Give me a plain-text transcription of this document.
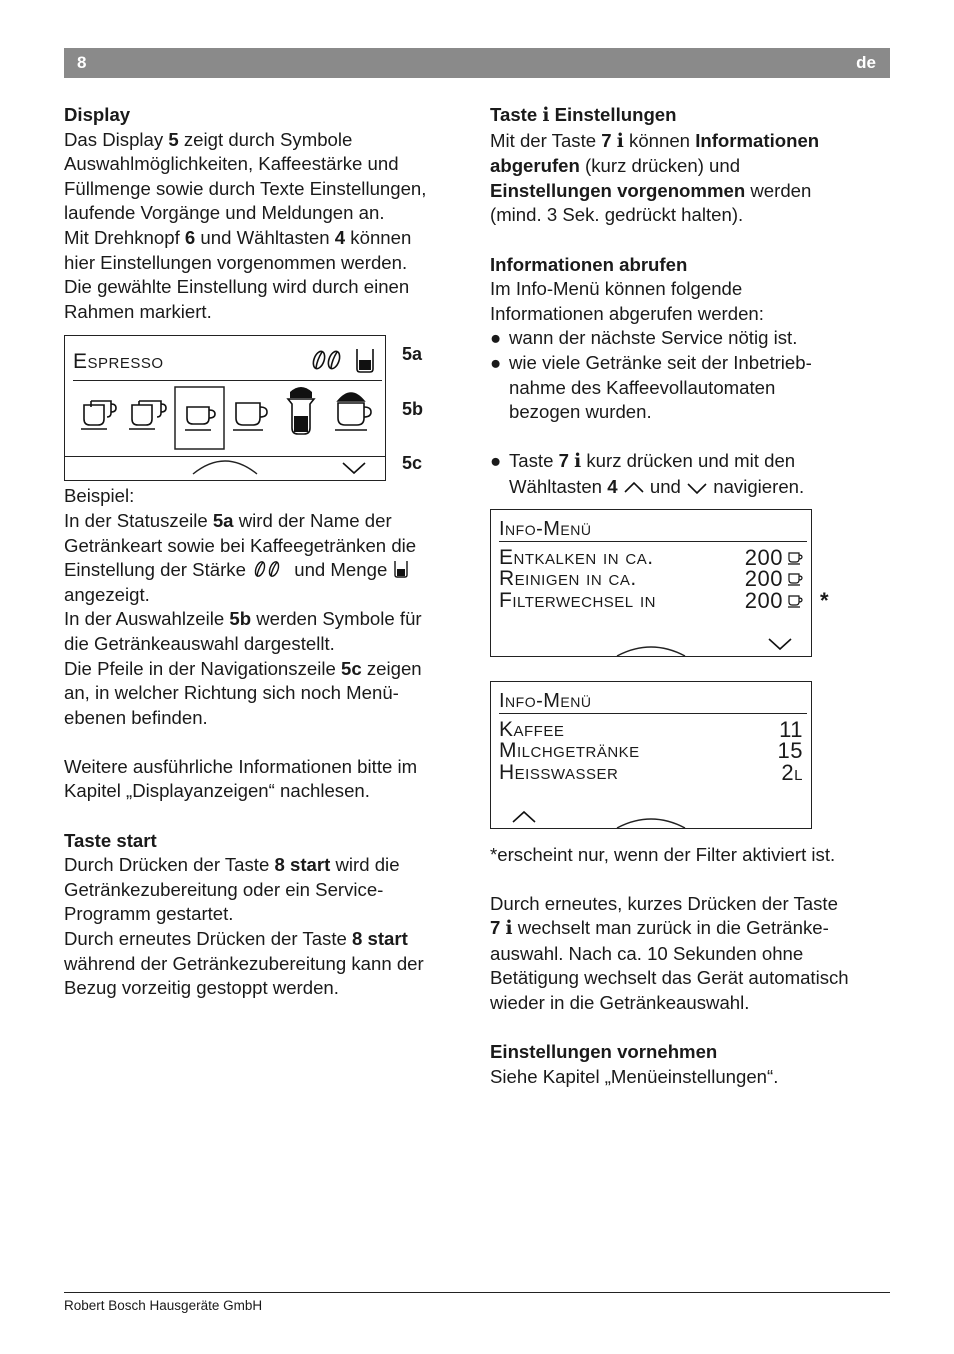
8	de

Display

Das Display 5 zeigt durch Symbole
Auswahlmöglichkeiten, Kaffeestärke und
Füllmenge sowie durch Texte Einstellungen,
laufende Vorgänge und Meldungen an.
Mit Drehknopf 6 und Wähltasten 4 können
hier Einstellungen vorgenommen werden.
Die gewählte Einstellung wird durch einen
Rahmen markiert.
Espresso	5a
5b
5c
Beispiel:
In der Statuszeile 5a wird der Name der
Getränkeart sowie bei Kaffeegetränken die
Einstellung der Stärke  und Menge
angezeigt.
In der Auswahlzeile 5b werden Symbole für
die Getränkeauswahl dargestellt.
Die Pfeile in der Navigationszeile 5c zeigen
an, in welcher Richtung sich noch Menü-
ebenen befinden.
Weitere ausführliche Informationen bitte im
Kapitel „Displayanzeigen“ nachlesen.

Taste start

Durch Drücken der Taste 8 start wird die
Getränkezubereitung oder ein Service-
Programm gestartet.
Durch erneutes Drücken der Taste 8 start
während der Getränkezubereitung kann der
Bezug vorzeitig gestoppt werden.

Taste i Einstellungen

Mit der Taste 7 i können Informationen
abgerufen (kurz drücken) und
Einstellungen vorgenommen werden
(mind. 3 Sek. gedrückt halten).

Informationen abrufen

Im Info-Menü können folgende
Informationen abgerufen werden:
● wann der nächste Service nötig ist.
● wie viele Getränke seit der Inbetrieb-
nahme des Kaffeevollautomaten
bezogen wurden.
● Taste 7 i kurz drücken und mit den
Wähltasten 4  und  navigieren.
Info-Menü
Entkalken in ca.	200
Reinigen in ca.	200
Filterwechsel in	200 *
Info-Menü
Kaffee	11
Milchgetränke	15
Heisswasser	2l

*erscheint nur, wenn der Filter aktiviert ist.

Durch erneutes, kurzes Drücken der Taste
7 i wechselt man zurück in die Getränke-
auswahl. Nach ca. 10 Sekunden ohne
Betätigung wechselt das Gerät automatisch
wieder in die Getränkeauswahl.

Einstellungen vornehmen

Siehe Kapitel „Menüeinstellungen“.

Robert Bosch Hausgeräte GmbH
